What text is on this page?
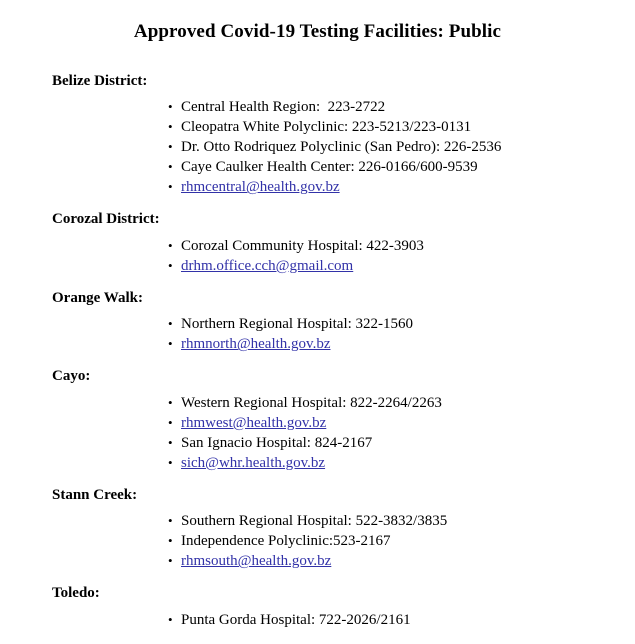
Approved Covid-19 Testing Facilities: Public
Belize District:
• Central Health Region:  223-2722
• Cleopatra White Polyclinic: 223-5213/223-0131
• Dr. Otto Rodriquez Polyclinic (San Pedro): 226-2536
• Caye Caulker Health Center: 226-0166/600-9539
• rhmcentral@health.gov.bz
Corozal District:
• Corozal Community Hospital: 422-3903
• drhm.office.cch@gmail.com
Orange Walk:
• Northern Regional Hospital: 322-1560
• rhmnorth@health.gov.bz
Cayo:
• Western Regional Hospital: 822-2264/2263
• rhmwest@health.gov.bz
• San Ignacio Hospital: 824-2167
• sich@whr.health.gov.bz
Stann Creek:
• Southern Regional Hospital: 522-3832/3835
• Independence Polyclinic:523-2167
• rhmsouth@health.gov.bz
Toledo:
• Punta Gorda Hospital: 722-2026/2161
